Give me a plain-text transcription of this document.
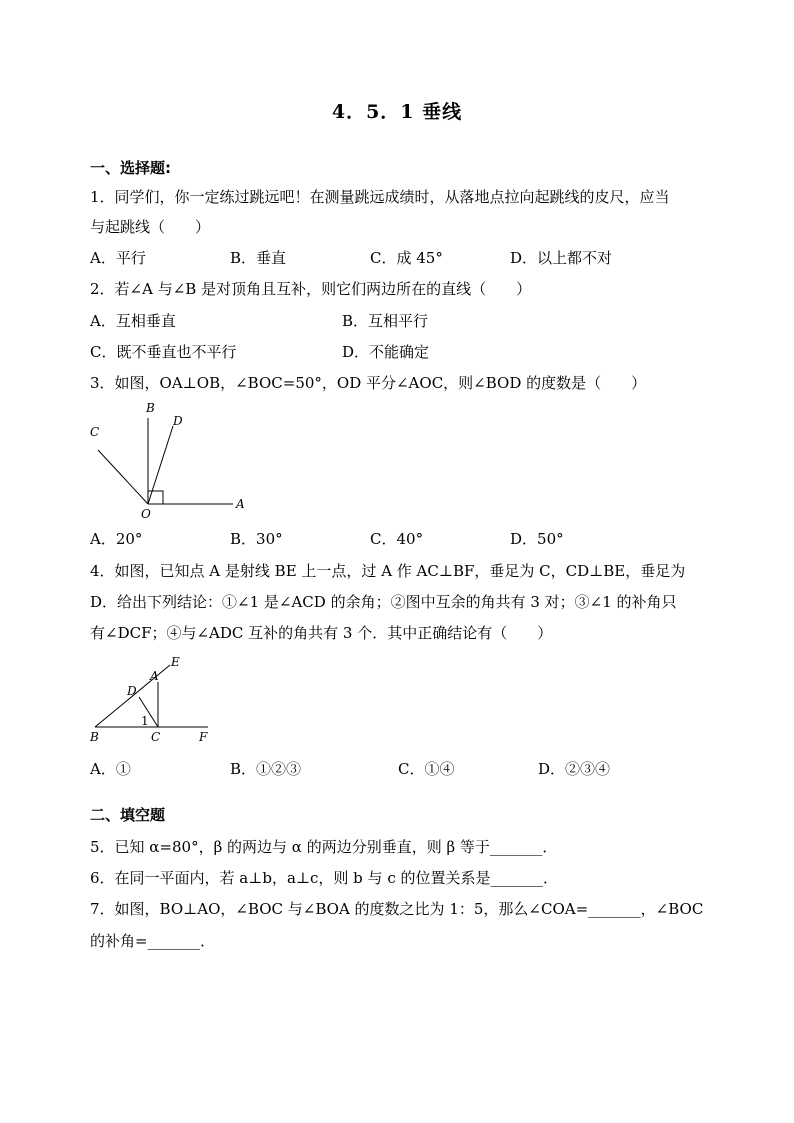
4．5．1 垂线
一、选择题:
1．同学们，你一定练过跳远吧！在测量跳远成绩时，从落地点拉向起跳线的皮尺，应当
与起跳线（　　）
A．平行	B．垂直	C．成 45°	D．以上都不对
2．若∠A 与∠B 是对顶角且互补，则它们两边所在的直线（　　）
A．互相垂直	B．互相平行
C．既不垂直也不平行	D．不能确定
3．如图，OA⊥OB，∠BOC=50°，OD 平分∠AOC，则∠BOD 的度数是（　　）
B
D
C
O
A
A．20°	B．30°	C．40°	D．50°
4．如图，已知点 A 是射线 BE 上一点，过 A 作 AC⊥BF，垂足为 C，CD⊥BE，垂足为
D．给出下列结论：①∠1 是∠ACD 的余角；②图中互余的角共有 3 对；③∠1 的补角只
有∠DCF；④与∠ADC 互补的角共有 3 个．其中正确结论有（　　）
E
A
D
1
B	C	F
A．①	B．①②③	C．①④	D．②③④
二、填空题
5．已知 α=80°，β 的两边与 α 的两边分别垂直，则 β 等于_______．
6．在同一平面内，若 a⊥b，a⊥c，则 b 与 c 的位置关系是_______．
7．如图，BO⊥AO，∠BOC 与∠BOA 的度数之比为 1：5，那么∠COA=_______，∠BOC
的补角=_______．
